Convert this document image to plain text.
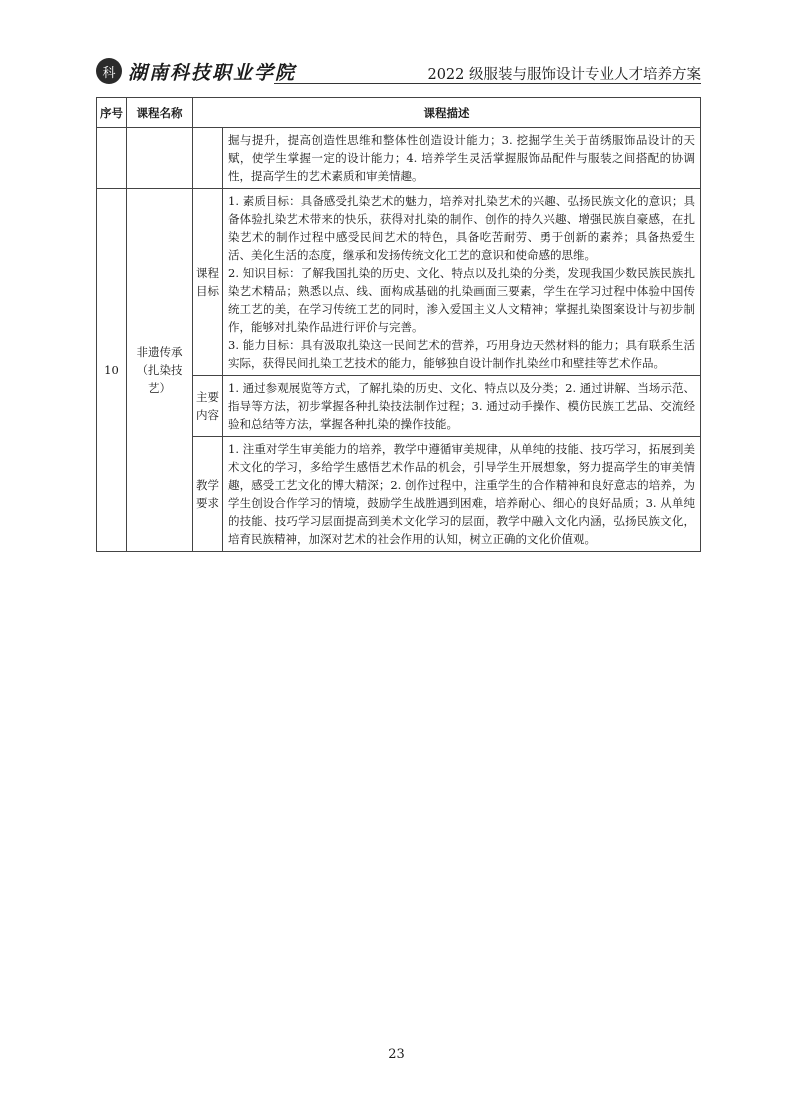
科 湖南科技职业学院	2022 级服装与服饰设计专业人才培养方案
序号	课程名称	课程描述	

			掘与提升，提高创造性思维和整体性创造设计能力；3. 挖掘学生关于苗绣服饰品设计的天赋，使学生掌握一定的设计能力；4. 培养学生灵活掌握服饰品配件与服装之间搭配的协调性，提高学生的艺术素质和审美情趣。

10	非遗传承（扎染技艺）	课程目标	1. 素质目标：具备感受扎染艺术的魅力，培养对扎染艺术的兴趣、弘扬民族文化的意识；具备体验扎染艺术带来的快乐，获得对扎染的制作、创作的持久兴趣、增强民族自豪感，在扎染艺术的制作过程中感受民间艺术的特色，具备吃苦耐劳、勇于创新的素养；具备热爱生活、美化生活的态度，继承和发扬传统文化工艺的意识和使命感的思维。

2. 知识目标：了解我国扎染的历史、文化、特点以及扎染的分类，发现我国少数民族民族扎染艺术精品；熟悉以点、线、面构成基础的扎染画面三要素，学生在学习过程中体验中国传统工艺的美，在学习传统工艺的同时，渗入爱国主义人文精神；掌握扎染图案设计与初步制作，能够对扎染作品进行评价与完善。

3. 能力目标：具有汲取扎染这一民间艺术的营养，巧用身边天然材料的能力；具有联系生活实际，获得民间扎染工艺技术的能力，能够独自设计制作扎染丝巾和壁挂等艺术作品。

		主要内容	1. 通过参观展览等方式，了解扎染的历史、文化、特点以及分类；2. 通过讲解、当场示范、指导等方法，初步掌握各种扎染技法制作过程；3. 通过动手操作、模仿民族工艺品、交流经验和总结等方法，掌握各种扎染的操作技能。

		教学要求	1. 注重对学生审美能力的培养，教学中遵循审美规律，从单纯的技能、技巧学习，拓展到美术文化的学习，多给学生感悟艺术作品的机会，引导学生开展想象，努力提高学生的审美情趣，感受工艺文化的博大精深；2. 创作过程中，注重学生的合作精神和良好意志的培养，为学生创设合作学习的情境，鼓励学生战胜遇到困难，培养耐心、细心的良好品质；3. 从单纯的技能、技巧学习层面提高到美术文化学习的层面，教学中融入文化内涵，弘扬民族文化，培育民族精神，加深对艺术的社会作用的认知，树立正确的文化价值观。

23
